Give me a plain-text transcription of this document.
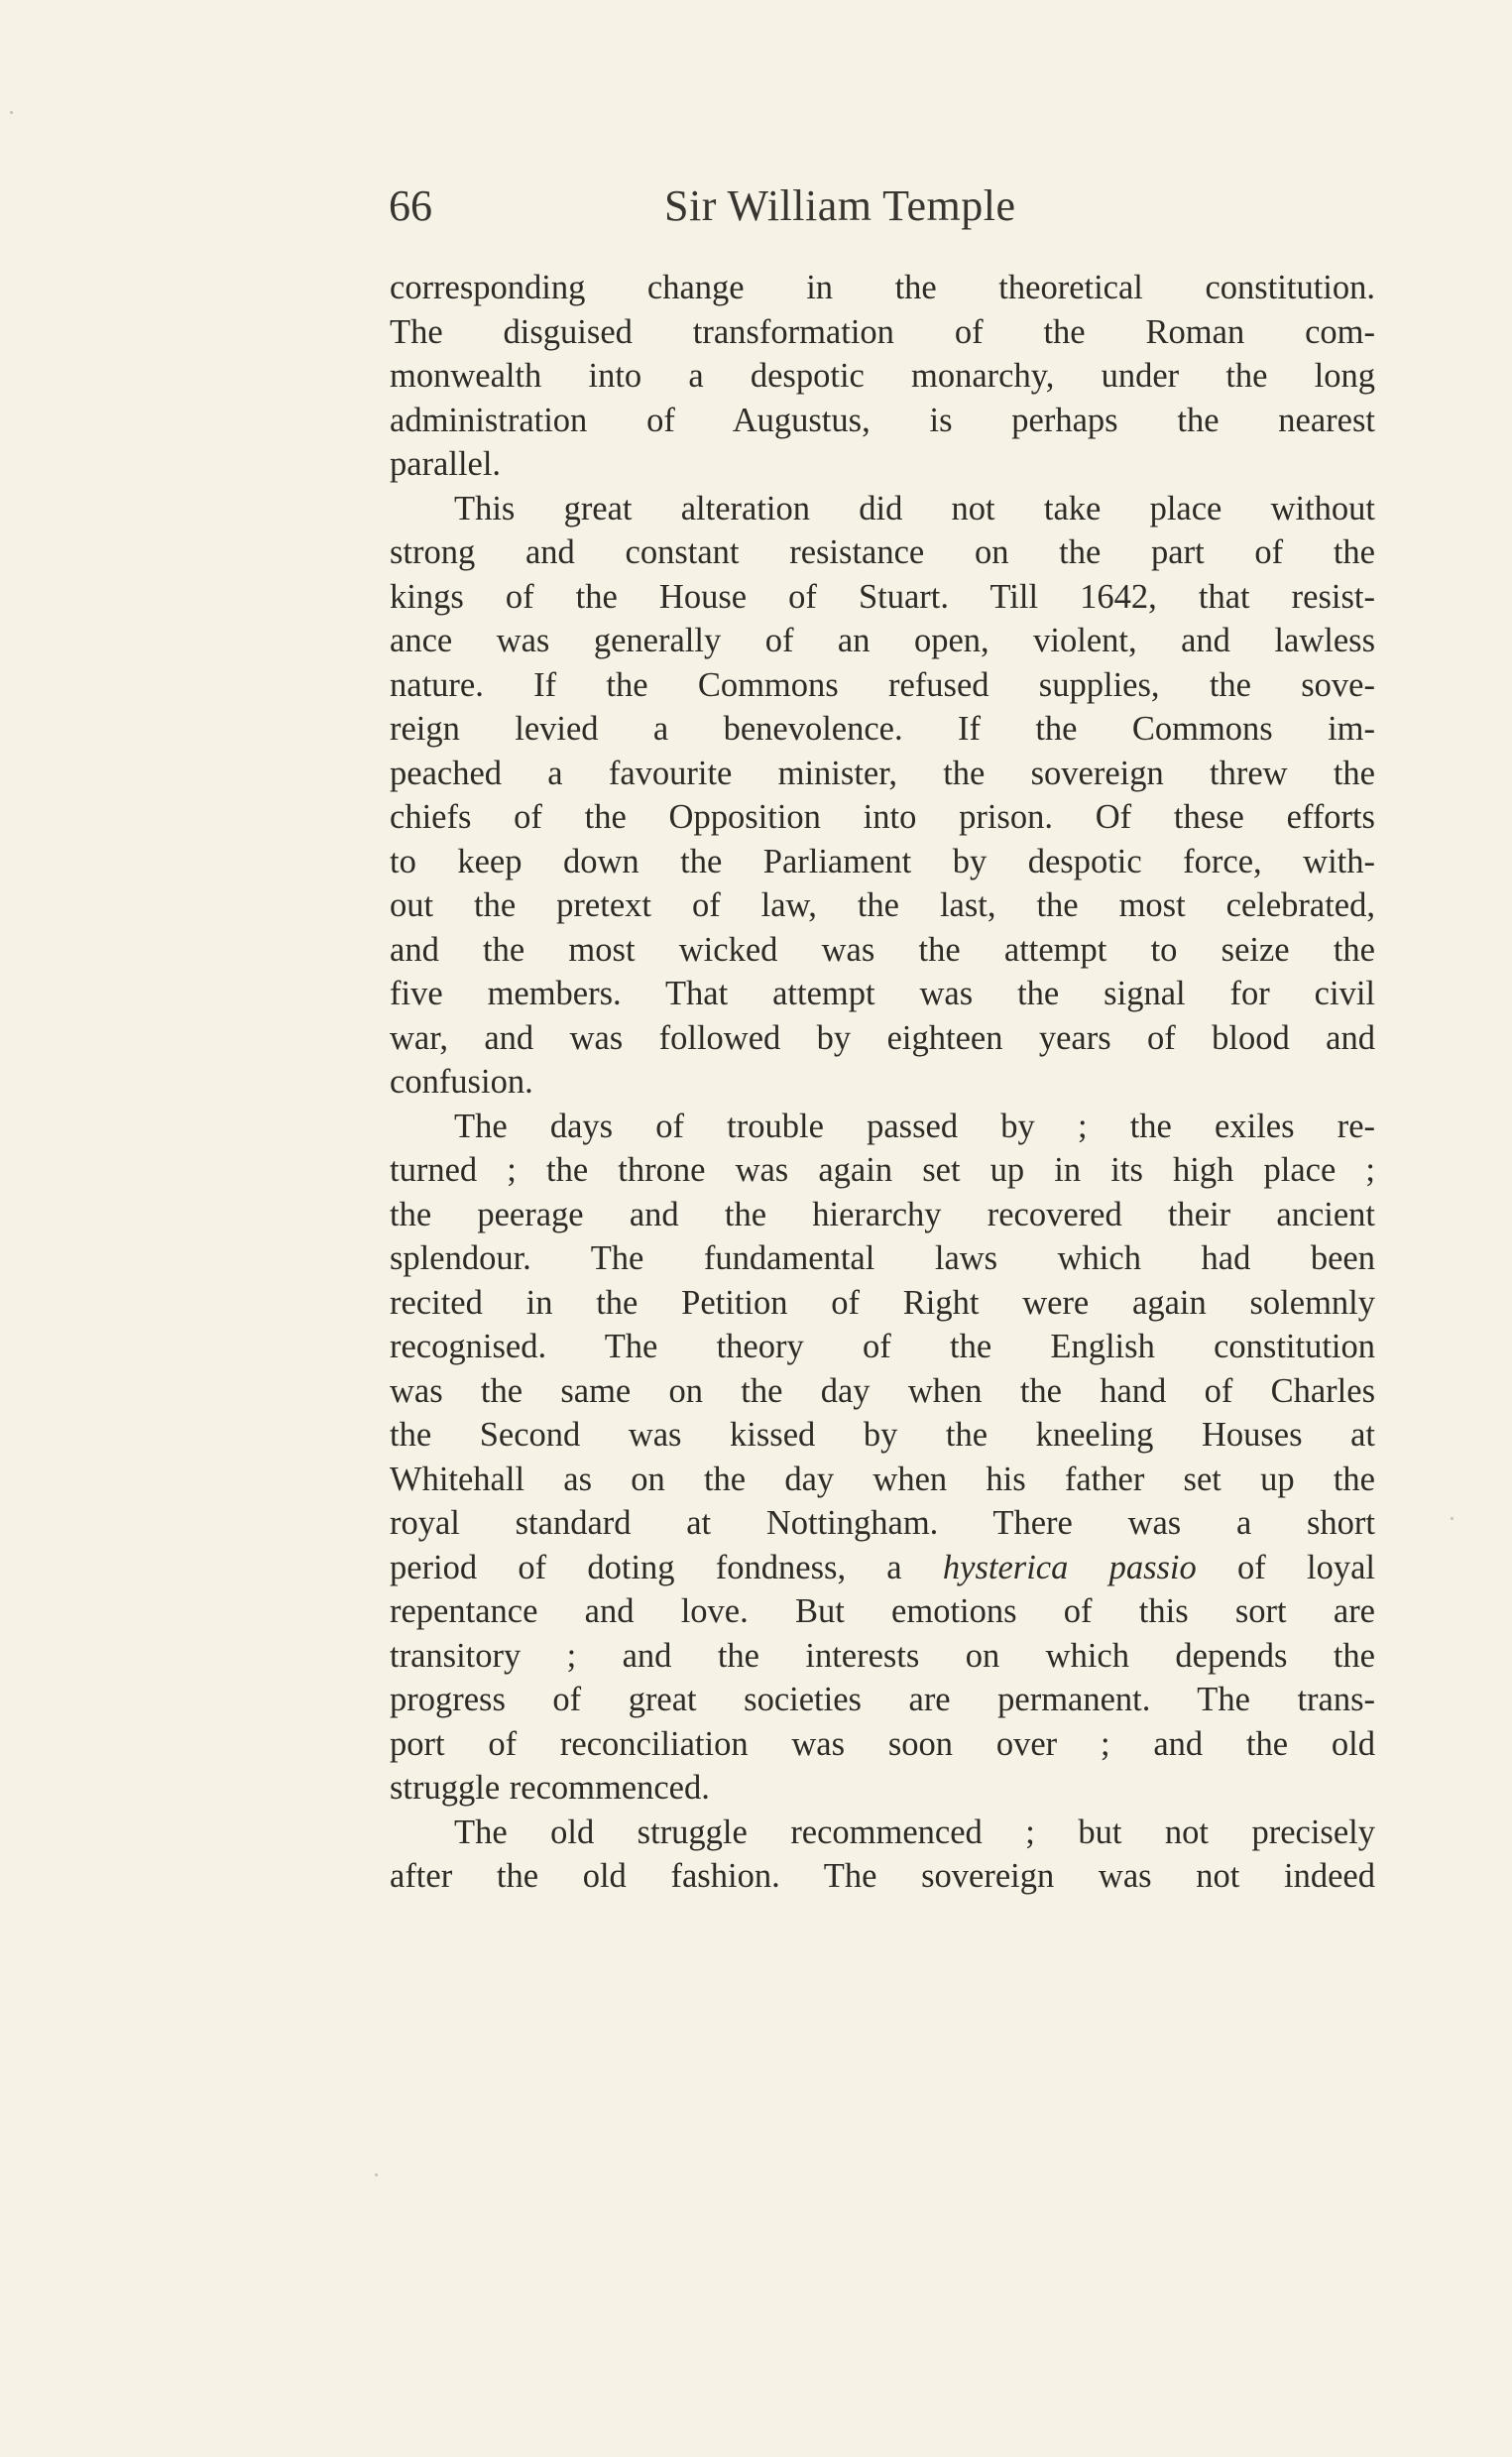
66	Sir William Temple
corresponding change in the theoretical constitution.
The disguised transformation of the Roman com-
monwealth into a despotic monarchy, under the long
administration of Augustus, is perhaps the nearest
parallel.
This great alteration did not take place without
strong and constant resistance on the part of the
kings of the House of Stuart. Till 1642, that resist-
ance was generally of an open, violent, and lawless
nature. If the Commons refused supplies, the sove-
reign levied a benevolence. If the Commons im-
peached a favourite minister, the sovereign threw the
chiefs of the Opposition into prison. Of these efforts
to keep down the Parliament by despotic force, with-
out the pretext of law, the last, the most celebrated,
and the most wicked was the attempt to seize the
five members. That attempt was the signal for civil
war, and was followed by eighteen years of blood and
confusion.
The days of trouble passed by ; the exiles re-
turned ; the throne was again set up in its high place ;
the peerage and the hierarchy recovered their ancient
splendour. The fundamental laws which had been
recited in the Petition of Right were again solemnly
recognised. The theory of the English constitution
was the same on the day when the hand of Charles
the Second was kissed by the kneeling Houses at
Whitehall as on the day when his father set up the
royal standard at Nottingham. There was a short
period of doting fondness, a hysterica passio of loyal
repentance and love. But emotions of this sort are
transitory ; and the interests on which depends the
progress of great societies are permanent. The trans-
port of reconciliation was soon over ; and the old
struggle recommenced.
The old struggle recommenced ; but not precisely
after the old fashion. The sovereign was not indeed
